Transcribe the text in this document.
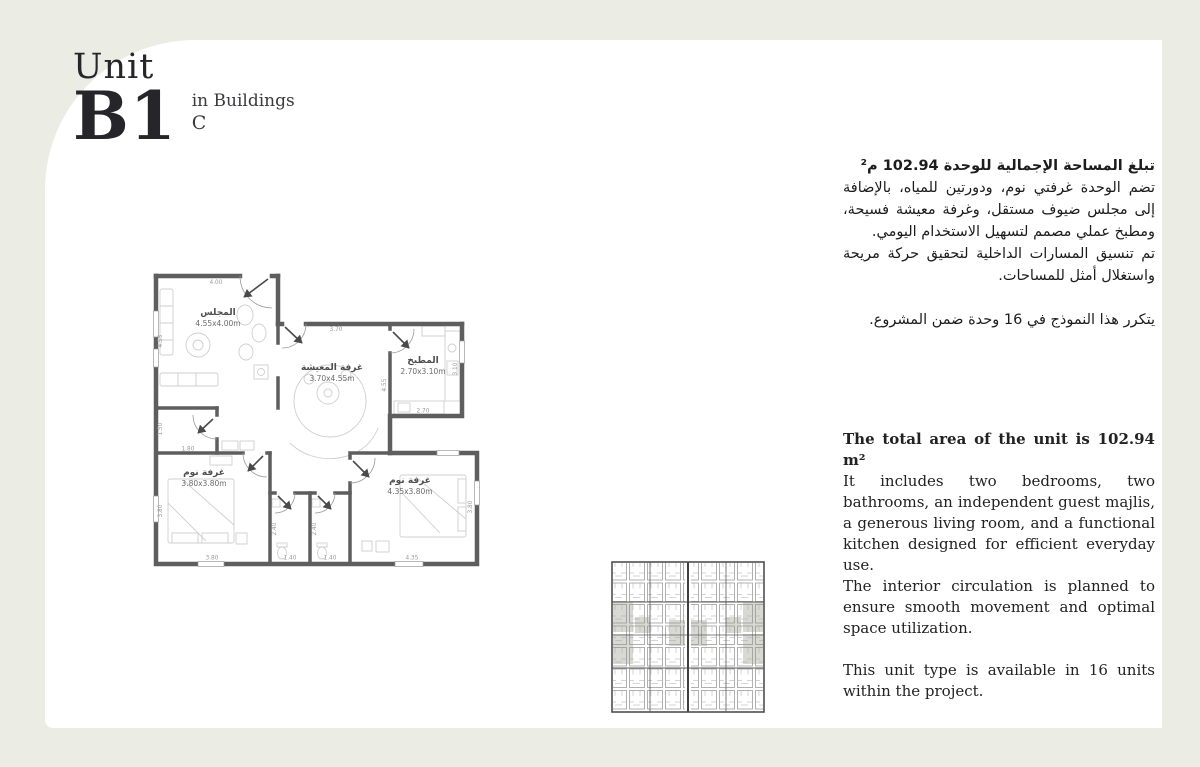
Unit
B1 in Buildings
C

تبلغ المساحة الإجمالية للوحدة 102.94 م²

تضم الوحدة غرفتي نوم، ودورتين للمياه، بالإضافة إلى مجلس ضيوف مستقل، وغرفة معيشة فسيحة، ومطبخ عملي مصمم لتسهيل الاستخدام اليومي.

تم تنسيق المسارات الداخلية لتحقيق حركة مريحة واستغلال أمثل للمساحات.

يتكرر هذا النموذج في 16 وحدة ضمن المشروع.

The total area of the unit is 102.94 m²

It includes two bedrooms, two bathrooms, an independent guest majlis, a generous living room, and a functional kitchen designed for efficient everyday use.

The interior circulation is planned to ensure smooth movement and optimal space utilization.

This unit type is available in 16 units within the project.

4.00
4.55
3.70
4.55
3.10
2.70
1.50
1.80
3.80
3.80
2.40
1.40
2.40
1.40	4.35
3.80
المجلس
4.55x4.00m
غرفة المعيشة
3.70x4.55m
المطبخ
2.70x3.10m
غرفة نوم
3.80x3.80m	غرفة نوم
4.35x3.80m
